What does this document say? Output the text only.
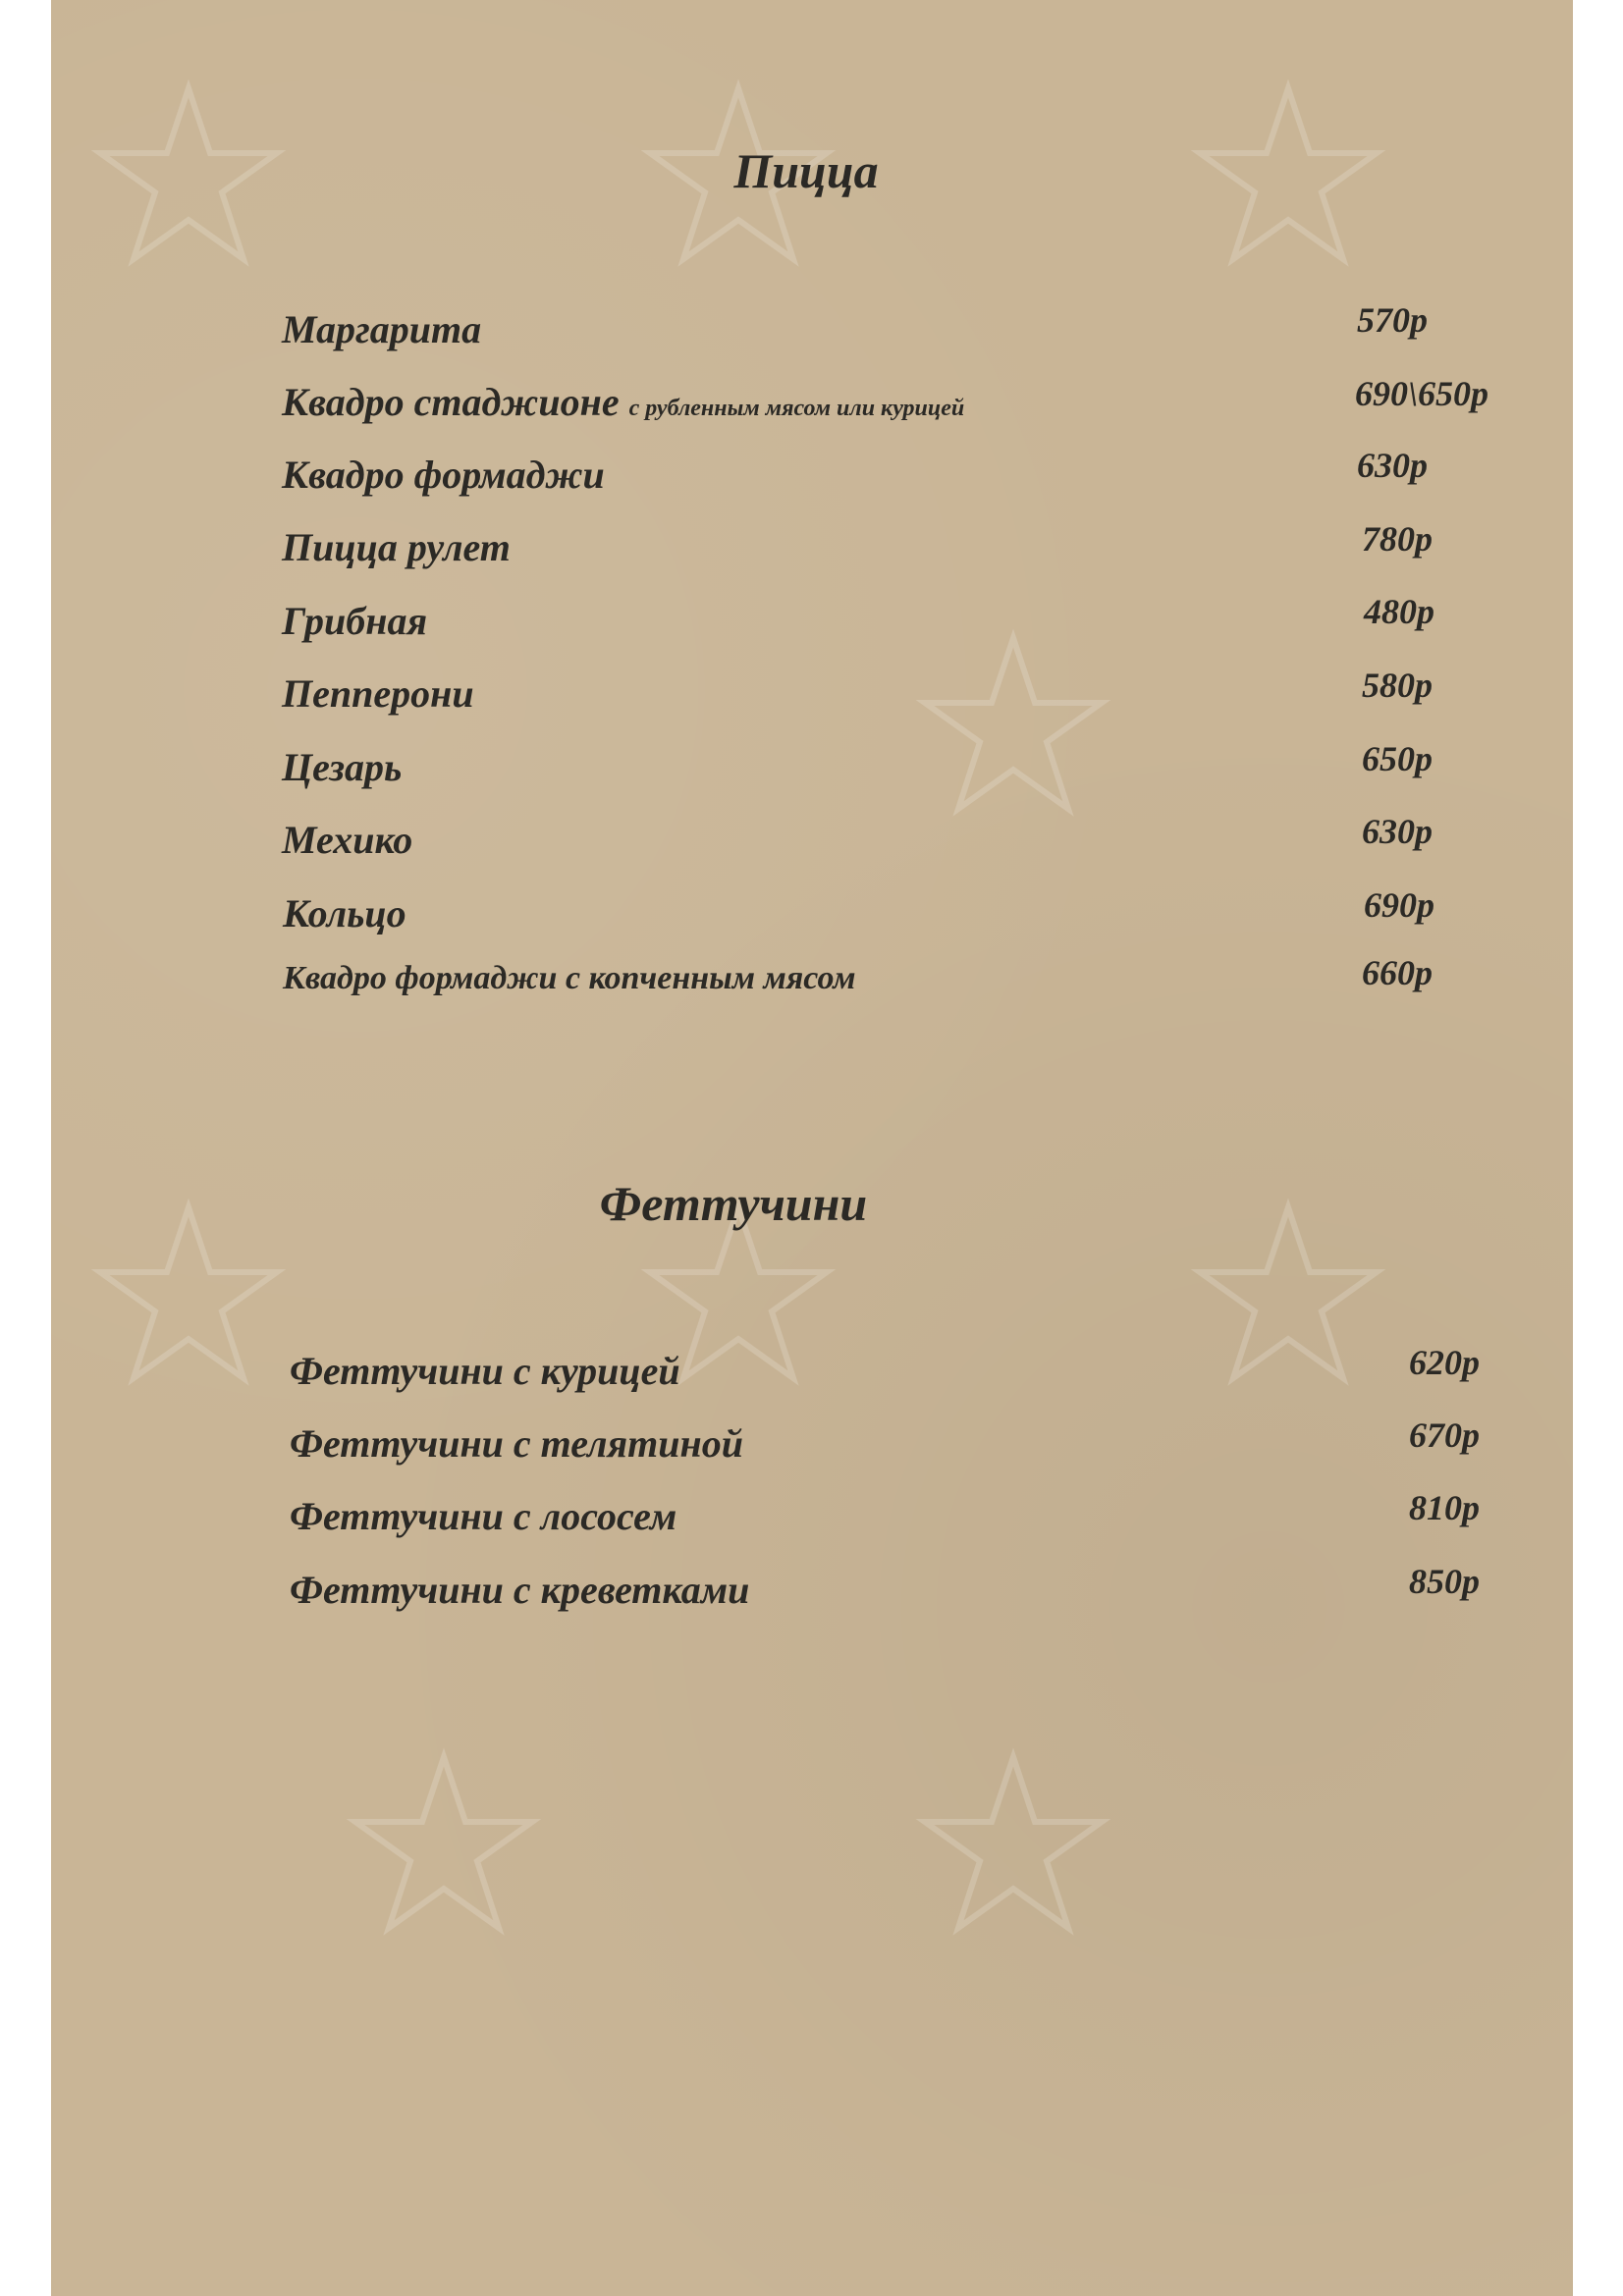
Пицца

Маргарита	570р

Квадро стаджионе с рубленным мясом или курицей	690\650р

Квадро формаджи	630р

Пицца рулет	780р

Грибная	480р

Пепперони	580р

Цезарь	650р

Мехико	630р

Кольцо	690р

Квадро формаджи с копченным мясом	660р

Феттучини

Феттучини с курицей	620р

Феттучини с телятиной	670р

Феттучини с лососем	810р

Феттучини с креветками	850р
